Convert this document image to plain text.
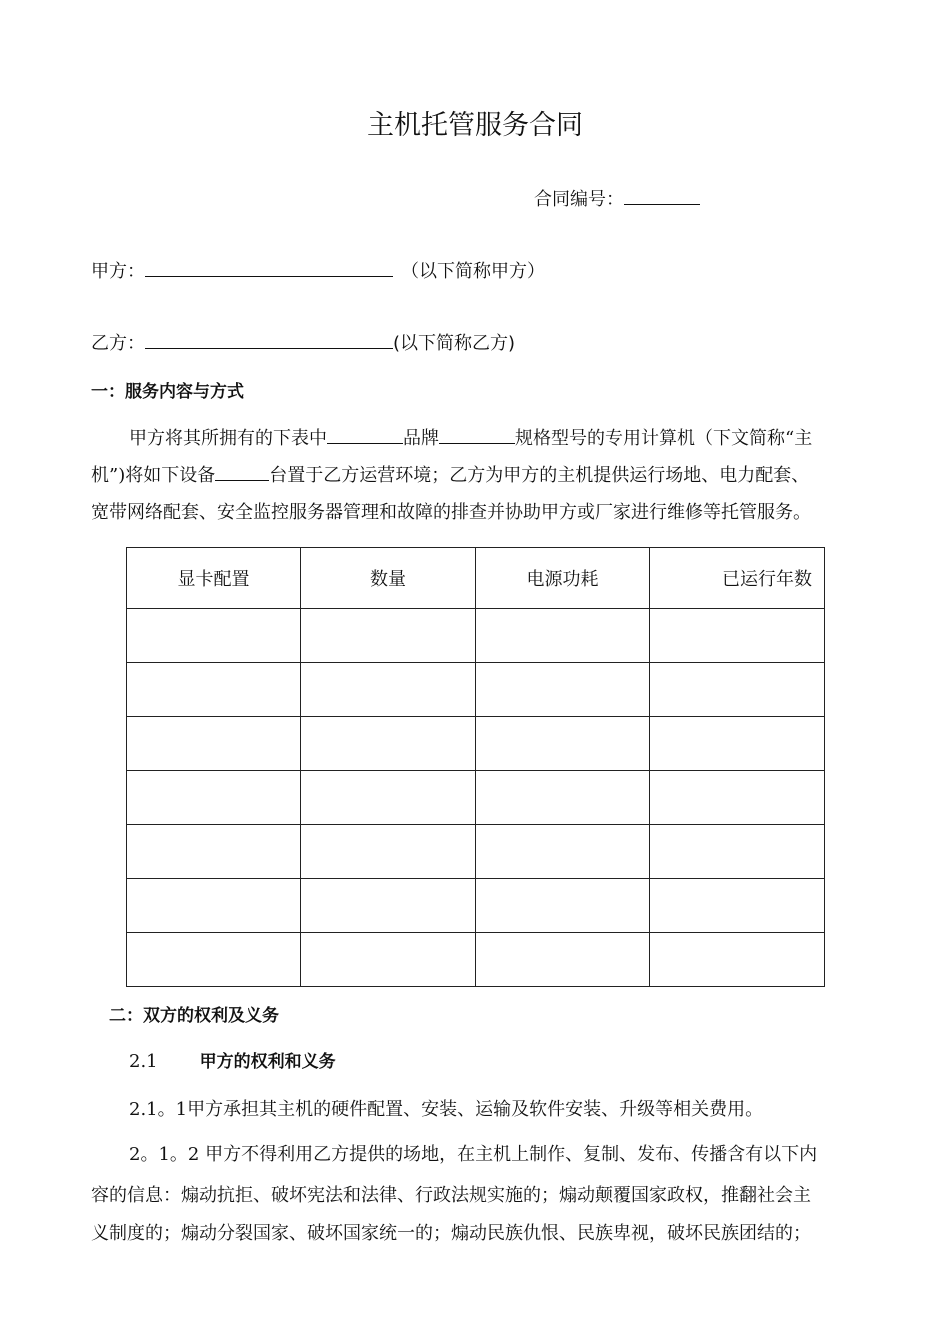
主机托管服务合同
合同编号：
甲方：	（以下简称甲方）
乙方：	(以下简称乙方)
一：服务内容与方式
甲方将其所拥有的下表中	品牌	规格型号的专用计算机（下文简称“主
机”)将如下设备	台置于乙方运营环境；乙方为甲方的主机提供运行场地、电力配套、
宽带网络配套、安全监控服务器管理和故障的排查并协助甲方或厂家进行维修等托管服务。
显卡配置	数量	电源功耗	已运行年数

二：双方的权利及义务
2.1 甲方的权利和义务
2.1。1甲方承担其主机的硬件配置、安装、运输及软件安装、升级等相关费用。
2。1。2 甲方不得利用乙方提供的场地，在主机上制作、复制、发布、传播含有以下内
容的信息：煽动抗拒、破坏宪法和法律、行政法规实施的；煽动颠覆国家政权，推翻社会主
义制度的；煽动分裂国家、破坏国家统一的；煽动民族仇恨、民族卑视，破坏民族团结的；
